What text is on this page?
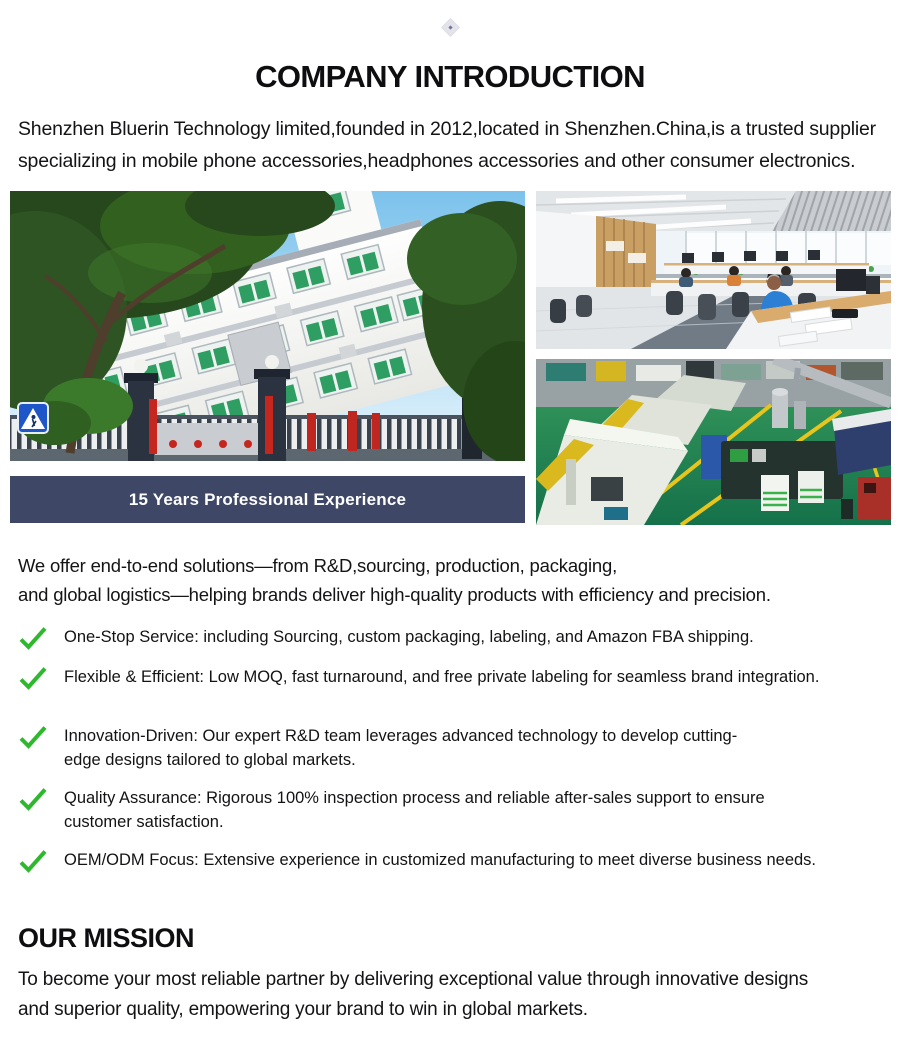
COMPANY INTRODUCTION

Shenzhen Bluerin Technology limited,founded in 2012,located in Shenzhen.China,is a trusted supplier specializing in mobile phone accessories,headphones accessories and other consumer electronics.

15 Years Professional Experience

We offer end-to-end solutions—from R&D,sourcing, production, packaging,
and global logistics—helping brands deliver high-quality products with efficiency and precision.

One-Stop Service: including Sourcing, custom packaging, labeling, and Amazon FBA shipping.
Flexible & Efficient: Low MOQ, fast turnaround, and free private labeling for seamless brand integration.
Innovation-Driven: Our expert R&D team leverages advanced technology to develop cutting-edge designs tailored to global markets.
Quality Assurance: Rigorous 100% inspection process and reliable after-sales support to ensure customer satisfaction.
OEM/ODM Focus: Extensive experience in customized manufacturing to meet diverse business needs.
OUR MISSION

To become your most reliable partner by delivering exceptional value through innovative designs and superior quality, empowering your brand to win in global markets.
